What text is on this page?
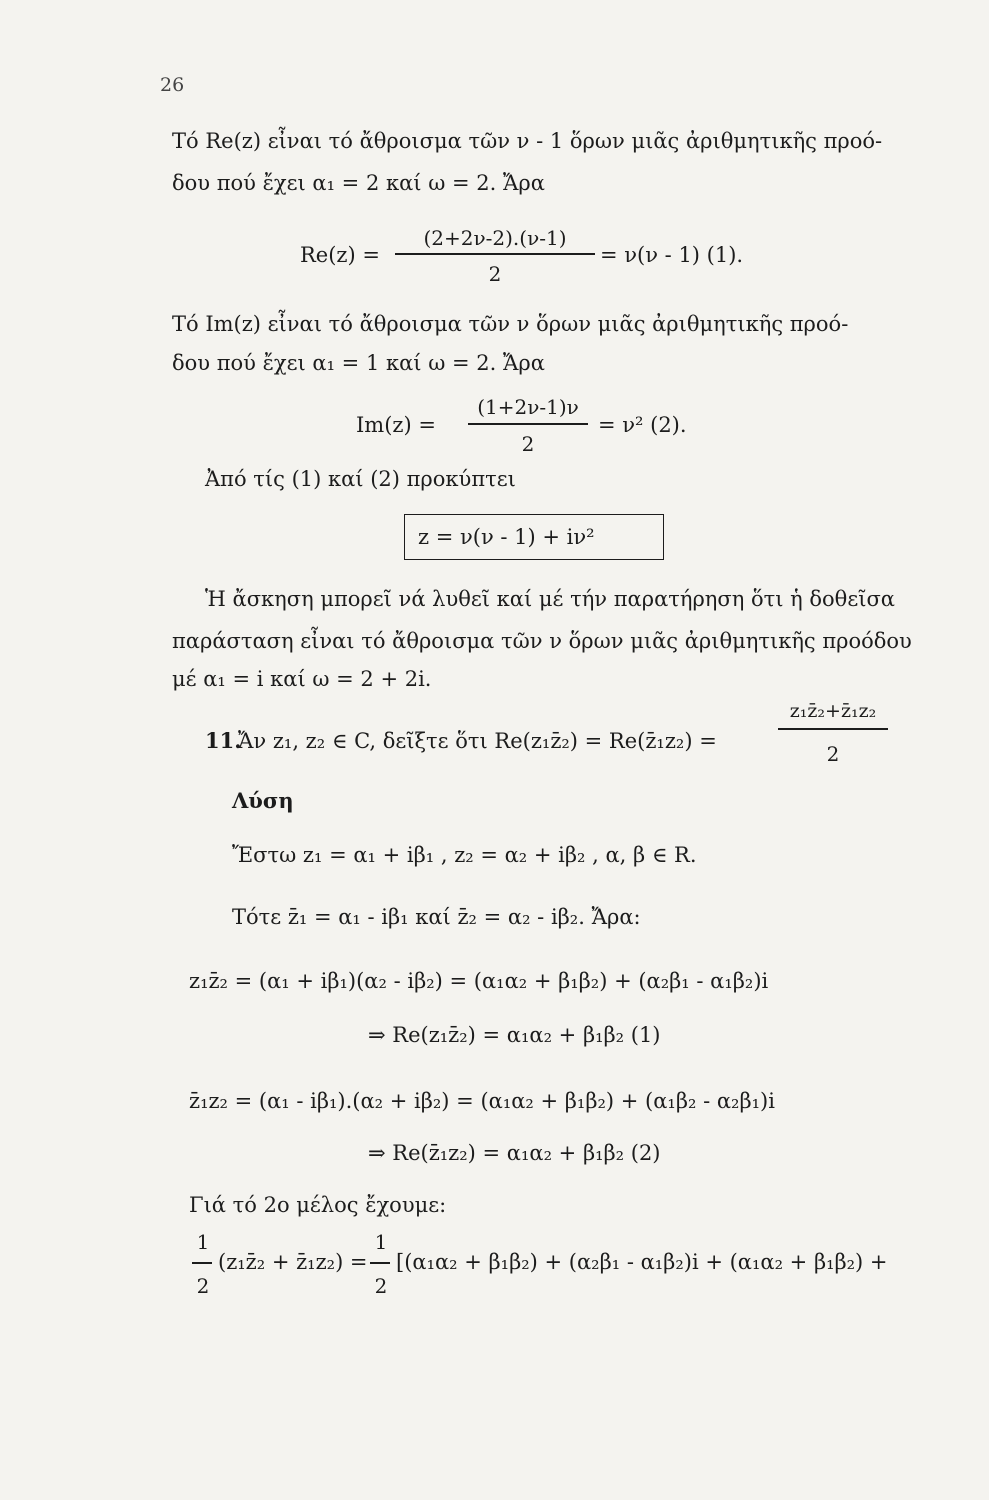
26
Τό Re(z) εἶναι τό ἄθροισμα τῶν ν - 1 ὅρων μιᾶς ἀριθμητικῆς προό-
δου πού ἔχει α₁ = 2 καί ω = 2. Ἄρα
Re(z) =
(2+2ν-2).(ν-1)
2
= ν(ν - 1) (1).
Τό Im(z) εἶναι τό ἄθροισμα τῶν ν ὅρων μιᾶς ἀριθμητικῆς προό-
δου πού ἔχει α₁ = 1 καί ω = 2. Ἄρα
Im(z) =
(1+2ν-1)ν
2
= ν² (2).
Ἀπό τίς (1) καί (2) προκύπτει
z = ν(ν - 1) + iν²
Ἡ ἄσκηση μπορεῖ νά λυθεῖ καί μέ τήν παρατήρηση ὅτι ἡ δοθεῖσα
παράσταση εἶναι τό ἄθροισμα τῶν ν ὅρων μιᾶς ἀριθμητικῆς προόδου
μέ α₁ = i καί ω = 2 + 2i.
11.
Ἄν z₁, z₂ ∈ C, δεῖξτε ὅτι Re(z₁z̄₂) = Re(z̄₁z₂) =
z₁z̄₂+z̄₁z₂
2
Λύση
Ἔστω z₁ = α₁ + iβ₁ , z₂ = α₂ + iβ₂ , α, β ∈ R.
Τότε z̄₁ = α₁ - iβ₁ καί z̄₂ = α₂ - iβ₂. Ἄρα:
z₁z̄₂ = (α₁ + iβ₁)(α₂ - iβ₂) = (α₁α₂ + β₁β₂) + (α₂β₁ - α₁β₂)i
⇒ Re(z₁z̄₂) = α₁α₂ + β₁β₂ (1)
z̄₁z₂ = (α₁ - iβ₁).(α₂ + iβ₂) = (α₁α₂ + β₁β₂) + (α₁β₂ - α₂β₁)i
⇒ Re(z̄₁z₂) = α₁α₂ + β₁β₂ (2)
Γιά τό 2ο μέλος ἔχουμε:
1
2
(z₁z̄₂ + z̄₁z₂) =
1
2
[(α₁α₂ + β₁β₂) + (α₂β₁ - α₁β₂)i + (α₁α₂ + β₁β₂) +
